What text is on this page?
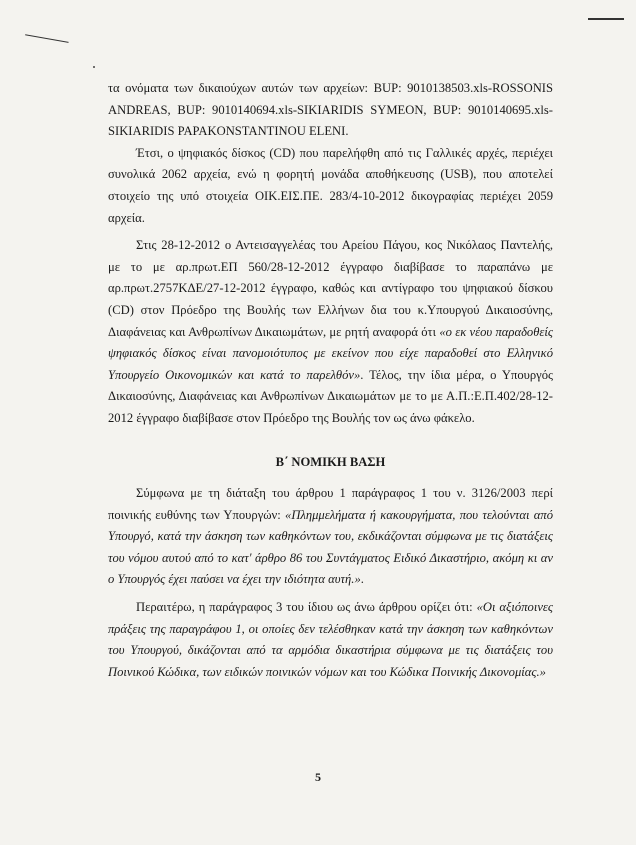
τα ονόματα των δικαιούχων αυτών των αρχείων: BUP: 9010138503.xls-ROSSONIS ANDREAS, BUP: 9010140694.xls-SIKIARIDIS SYMEON, BUP: 9010140695.xls-SIKIARIDIS PAPAKONSTANTINOU ELENI.

Έτσι, ο ψηφιακός δίσκος (CD) που παρελήφθη από τις Γαλλικές αρχές, περιέχει συνολικά 2062 αρχεία, ενώ η φορητή μονάδα αποθήκευσης (USB), που αποτελεί στοιχείο της υπό στοιχεία ΟΙΚ.ΕΙΣ.ΠΕ. 283/4-10-2012 δικογραφίας περιέχει 2059 αρχεία.

Στις 28-12-2012 ο Αντεισαγγελέας του Αρείου Πάγου, κος Νικόλαος Παντελής, με το με αρ.πρωτ.ΕΠ 560/28-12-2012 έγγραφο διαβίβασε το παραπάνω με αρ.πρωτ.2757ΚΔΕ/27-12-2012 έγγραφο, καθώς και αντίγραφο του ψηφιακού δίσκου (CD) στον Πρόεδρο της Βουλής των Ελλήνων δια του κ.Υπουργού Δικαιοσύνης, Διαφάνειας και Ανθρωπίνων Δικαιωμάτων, με ρητή αναφορά ότι «ο εκ νέου παραδοθείς ψηφιακός δίσκος είναι πανομοιότυπος με εκείνον που είχε παραδοθεί στο Ελληνικό Υπουργείο Οικονομικών και κατά το παρελθόν». Τέλος, την ίδια μέρα, ο Υπουργός Δικαιοσύνης, Διαφάνειας και Ανθρωπίνων Δικαιωμάτων με το με Α.Π.:Ε.Π.402/28-12-2012 έγγραφο διαβίβασε στον Πρόεδρο της Βουλής τον ως άνω φάκελο.

Β΄ ΝΟΜΙΚΗ ΒΑΣΗ

Σύμφωνα με τη διάταξη του άρθρου 1 παράγραφος 1 του ν. 3126/2003 περί ποινικής ευθύνης των Υπουργών: «Πλημμελήματα ή κακουργήματα, που τελούνται από Υπουργό, κατά την άσκηση των καθηκόντων του, εκδικάζονται σύμφωνα με τις διατάξεις του νόμου αυτού από το κατ' άρθρο 86 του Συντάγματος Ειδικό Δικαστήριο, ακόμη κι αν ο Υπουργός έχει παύσει να έχει την ιδιότητα αυτή.».

Περαιτέρω, η παράγραφος 3 του ίδιου ως άνω άρθρου ορίζει ότι: «Οι αξιόποινες πράξεις της παραγράφου 1, οι οποίες δεν τελέσθηκαν κατά την άσκηση των καθηκόντων του Υπουργού, δικάζονται από τα αρμόδια δικαστήρια σύμφωνα με τις διατάξεις του Ποινικού Κώδικα, των ειδικών ποινικών νόμων και του Κώδικα Ποινικής Δικονομίας.»

5
